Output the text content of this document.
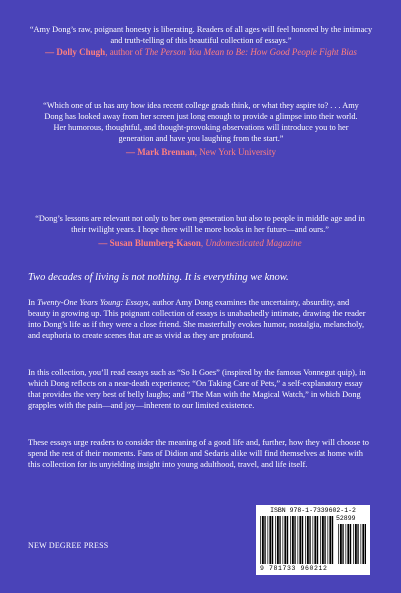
“Amy Dong’s raw, poignant honesty is liberating. Readers of all ages will feel honored by the intimacy and truth-telling of this beautiful collection of essays.”

— Dolly Chugh, author of The Person You Mean to Be: How Good People Fight Bias

“Which one of us has any how idea recent college grads think, or what they aspire to? . . . Amy Dong has looked away from her screen just long enough to provide a glimpse into their world. Her humorous, thoughtful, and thought-provoking observations will introduce you to her generation and have you laughing from the start.”

— Mark Brennan, New York University

“Dong’s lessons are relevant not only to her own generation but also to people in middle age and in their twilight years. I hope there will be more books in her future—and ours.”

— Susan Blumberg-Kason, Undomesticated Magazine

Two decades of living is not nothing. It is everything we know.

In Twenty-One Years Young: Essays, author Amy Dong examines the uncertainty, absurdity, and beauty in growing up. This poignant collection of essays is unabashedly intimate, drawing the reader into Dong’s life as if they were a close friend. She masterfully evokes humor, nostalgia, melancholy, and euphoria to create scenes that are as vivid as they are profound.

In this collection, you’ll read essays such as “So It Goes” (inspired by the famous Vonnegut quip), in which Dong reflects on a near-death experience; “On Taking Care of Pets,” a self-explanatory essay that provides the very best of belly laughs; and “The Man with the Magical Watch,” in which Dong grapples with the pain—and joy—inherent to our limited existence.

These essays urge readers to consider the meaning of a good life and, further, how they will choose to spend the rest of their moments. Fans of Didion and Sedaris alike will find themselves at home with this collection for its unyielding insight into young adulthood, travel, and life itself.

NEW DEGREE PRESS
ISBN 978-1-7339602-1-2
52899
9 781733 960212
